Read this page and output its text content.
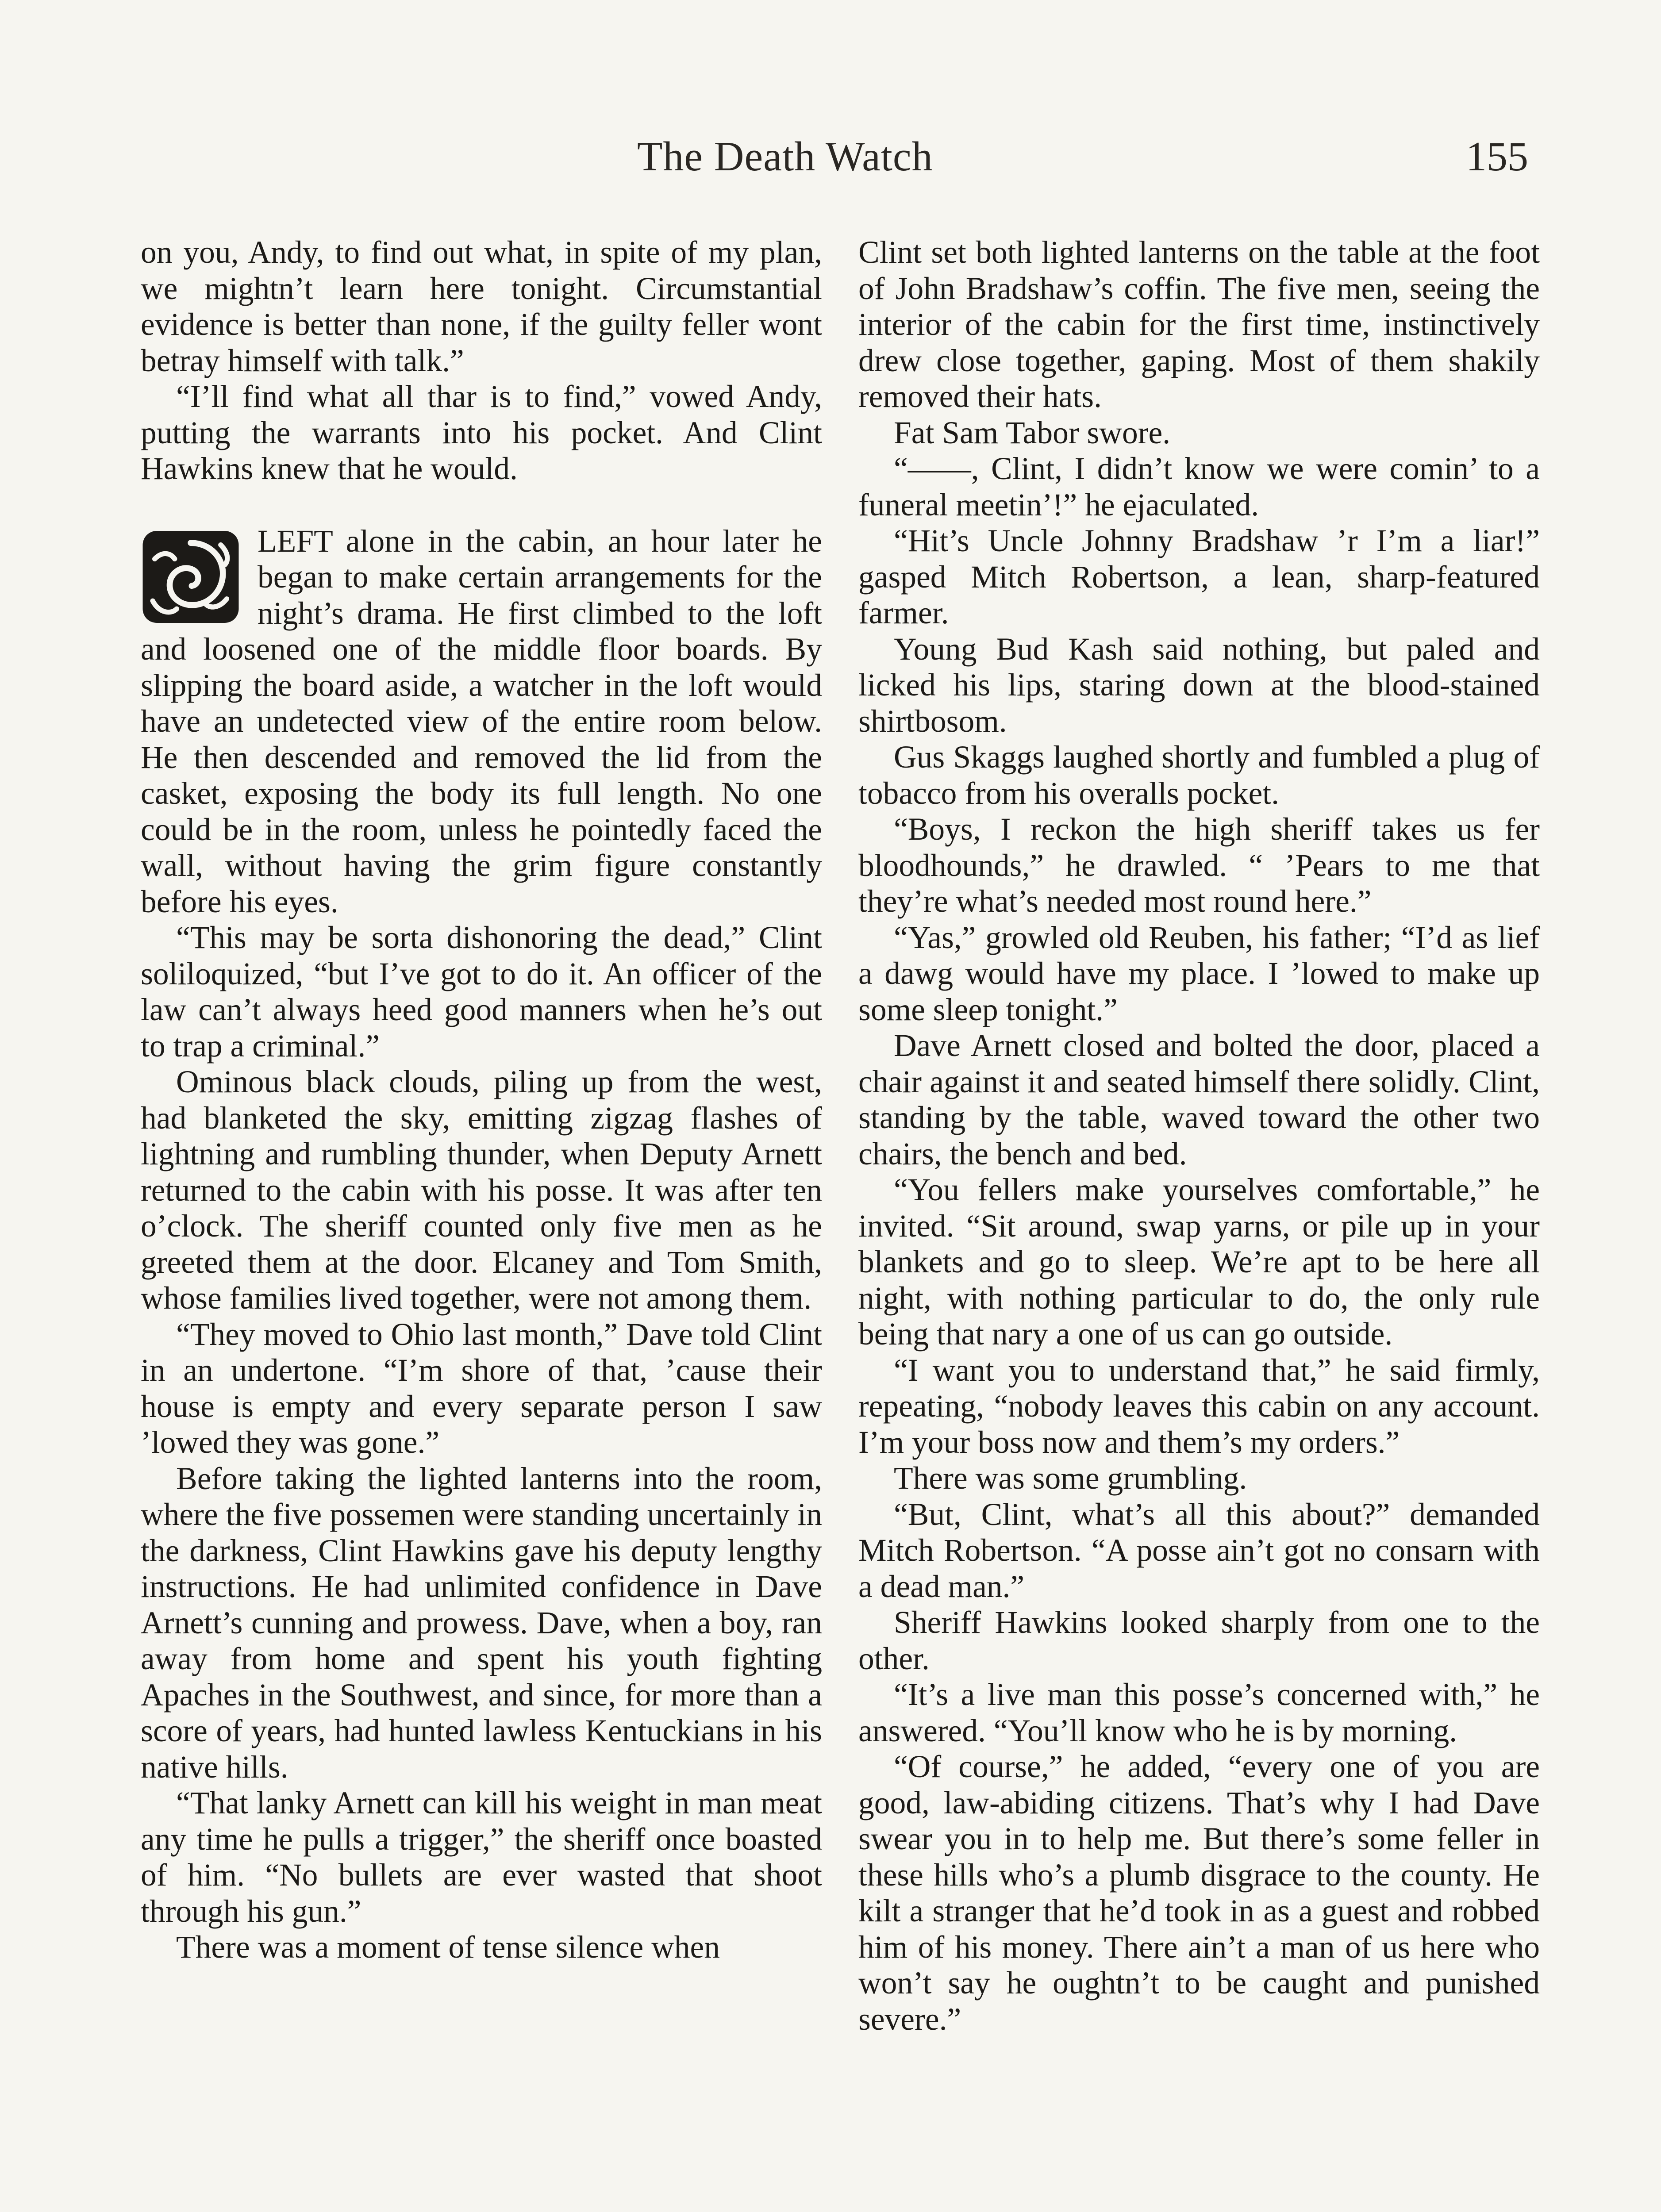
The Death Watch	155

on you, Andy, to find out what, in spite of my plan, we mightn’t learn here tonight. Circumstantial evidence is better than none, if the guilty feller wont betray himself with talk.”

“I’ll find what all thar is to find,” vowed Andy, putting the warrants into his pocket. And Clint Hawkins knew that he would.

LEFT alone in the cabin, an hour later he began to make certain arrangements for the night’s drama. He first climbed to the loft and loosened one of the middle floor boards. By slipping the board aside, a watcher in the loft would have an undetected view of the entire room below. He then descended and removed the lid from the casket, exposing the body its full length. No one could be in the room, unless he pointedly faced the wall, without having the grim figure constantly before his eyes.

“This may be sorta dishonoring the dead,” Clint soliloquized, “but I’ve got to do it. An officer of the law can’t always heed good manners when he’s out to trap a criminal.”

Ominous black clouds, piling up from the west, had blanketed the sky, emitting zigzag flashes of lightning and rumbling thunder, when Deputy Arnett returned to the cabin with his posse. It was after ten o’clock. The sheriff counted only five men as he greeted them at the door. Elcaney and Tom Smith, whose families lived together, were not among them.

“They moved to Ohio last month,” Dave told Clint in an undertone. “I’m shore of that, ’cause their house is empty and every separate person I saw ’lowed they was gone.”

Before taking the lighted lanterns into the room, where the five possemen were standing uncertainly in the darkness, Clint Hawkins gave his deputy lengthy instructions. He had unlimited confidence in Dave Arnett’s cunning and prowess. Dave, when a boy, ran away from home and spent his youth fighting Apaches in the Southwest, and since, for more than a score of years, had hunted lawless Kentuckians in his native hills.

“That lanky Arnett can kill his weight in man meat any time he pulls a trigger,” the sheriff once boasted of him. “No bullets are ever wasted that shoot through his gun.”

There was a moment of tense silence when

Clint set both lighted lanterns on the table at the foot of John Bradshaw’s coffin. The five men, seeing the interior of the cabin for the first time, instinctively drew close together, gaping. Most of them shakily removed their hats.

Fat Sam Tabor swore.

“——, Clint, I didn’t know we were comin’ to a funeral meetin’!” he ejaculated.

“Hit’s Uncle Johnny Bradshaw ’r I’m a liar!” gasped Mitch Robertson, a lean, sharp-featured farmer.

Young Bud Kash said nothing, but paled and licked his lips, staring down at the blood-stained shirtbosom.

Gus Skaggs laughed shortly and fumbled a plug of tobacco from his overalls pocket.

“Boys, I reckon the high sheriff takes us fer bloodhounds,” he drawled. “ ’Pears to me that they’re what’s needed most round here.”

“Yas,” growled old Reuben, his father; “I’d as lief a dawg would have my place. I ’lowed to make up some sleep tonight.”

Dave Arnett closed and bolted the door, placed a chair against it and seated himself there solidly. Clint, standing by the table, waved toward the other two chairs, the bench and bed.

“You fellers make yourselves comfortable,” he invited. “Sit around, swap yarns, or pile up in your blankets and go to sleep. We’re apt to be here all night, with nothing particular to do, the only rule being that nary a one of us can go outside.

“I want you to understand that,” he said firmly, repeating, “nobody leaves this cabin on any account. I’m your boss now and them’s my orders.”

There was some grumbling.

“But, Clint, what’s all this about?” demanded Mitch Robertson. “A posse ain’t got no consarn with a dead man.”

Sheriff Hawkins looked sharply from one to the other.

“It’s a live man this posse’s concerned with,” he answered. “You’ll know who he is by morning.

“Of course,” he added, “every one of you are good, law-abiding citizens. That’s why I had Dave swear you in to help me. But there’s some feller in these hills who’s a plumb disgrace to the county. He kilt a stranger that he’d took in as a guest and robbed him of his money. There ain’t a man of us here who won’t say he oughtn’t to be caught and punished severe.”
